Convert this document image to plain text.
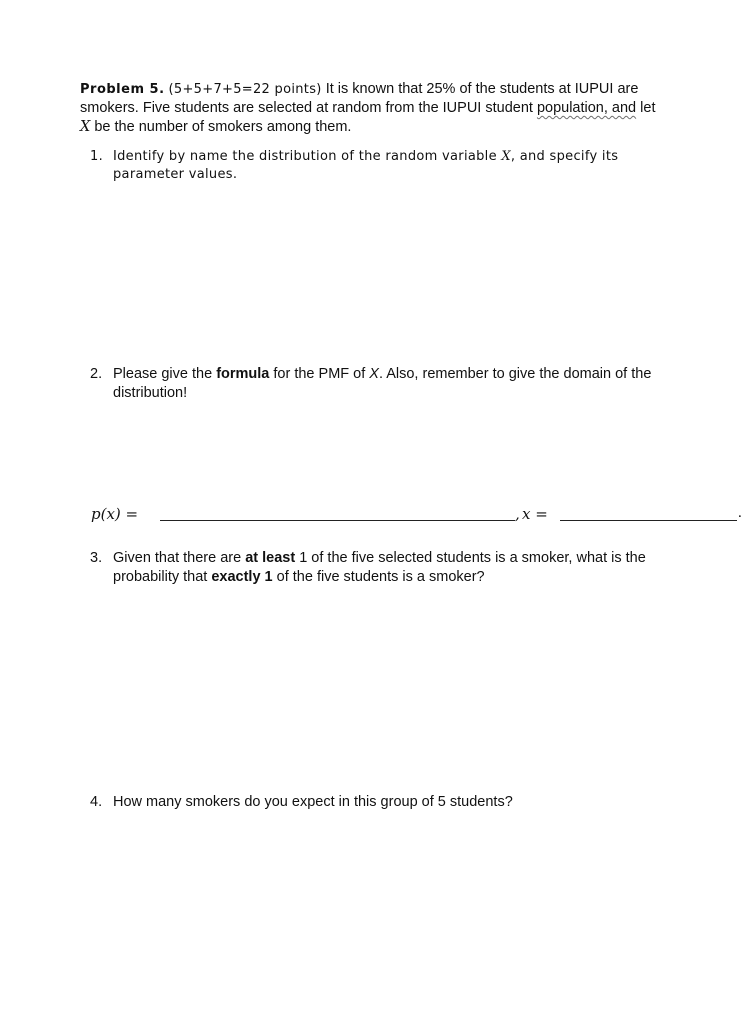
Problem 5. (5+5+7+5=22 points) It is known that 25% of the students at IUPUI are smokers. Five students are selected at random from the IUPUI student population, and let X be the number of smokers among them.
1. Identify by name the distribution of the random variable X, and specify its parameter values.
2. Please give the formula for the PMF of X. Also, remember to give the domain of the distribution!
p(x) =	, x =	.
3. Given that there are at least 1 of the five selected students is a smoker, what is the probability that exactly 1 of the five students is a smoker?
4. How many smokers do you expect in this group of 5 students?
